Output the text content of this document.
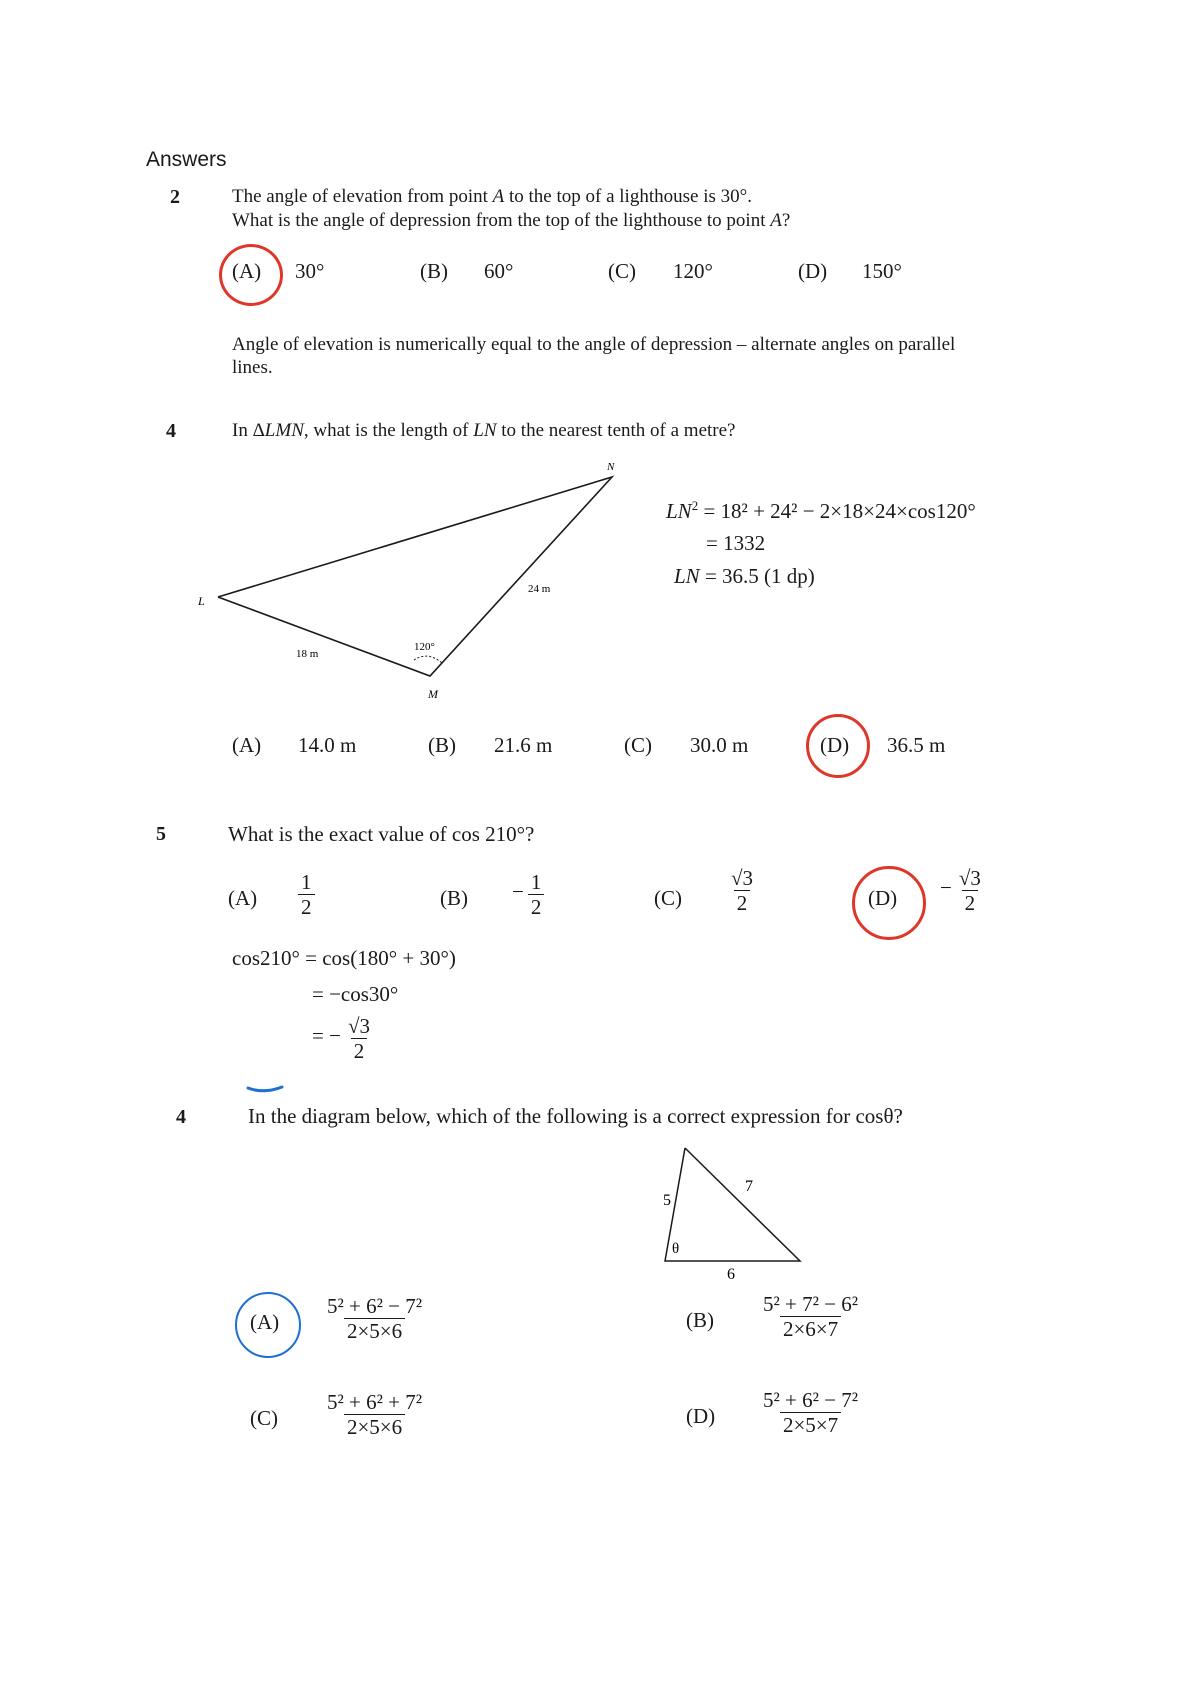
Answers
2	The angle of elevation from point A to the top of a lighthouse is 30°.
What is the angle of depression from the top of the lighthouse to point A?
(A) 30°	(B) 60°	(C) 120°	(D) 150°
Angle of elevation is numerically equal to the angle of depression – alternate angles on parallel
lines.
4	In ΔLMN, what is the length of LN to the nearest tenth of a metre?
L
N
M
18 m
24 m
120°
$LN^2 = 18^2 + 24^2 - 2\times 18\times 24\times\cos 120^\circ$
= 1332
LN = 36.5 (1 dp)
(A) 14.0 m	(B) 21.6 m	(C) 30.0 m	(D) 36.5 m
5	What is the exact value of cos 210°?
$(A) \frac{1}{2}$	$(B) - \frac{1}{2}$	$(C) \frac{√3}{2}$	$(D) - \frac{√3}{2}$
cos210° = cos(180° + 30°)
= −cos30°
= − $\frac{√3}{2}$
4	In the diagram below, which of the following is a correct expression for cosθ?
5
7
6
θ
$(A) \frac{\text{5² + 6² − 7²}}{2\times 5\times 6}$	$(B) \frac{\text{5² + 7² − 6²}}{2\times 6\times 7}$
$(C) \frac{\text{5² + 6² + 7²}}{2\times 5\times 6}$	$(D) \frac{\text{5² + 6² − 7²}}{2\times 5\times 7}$
